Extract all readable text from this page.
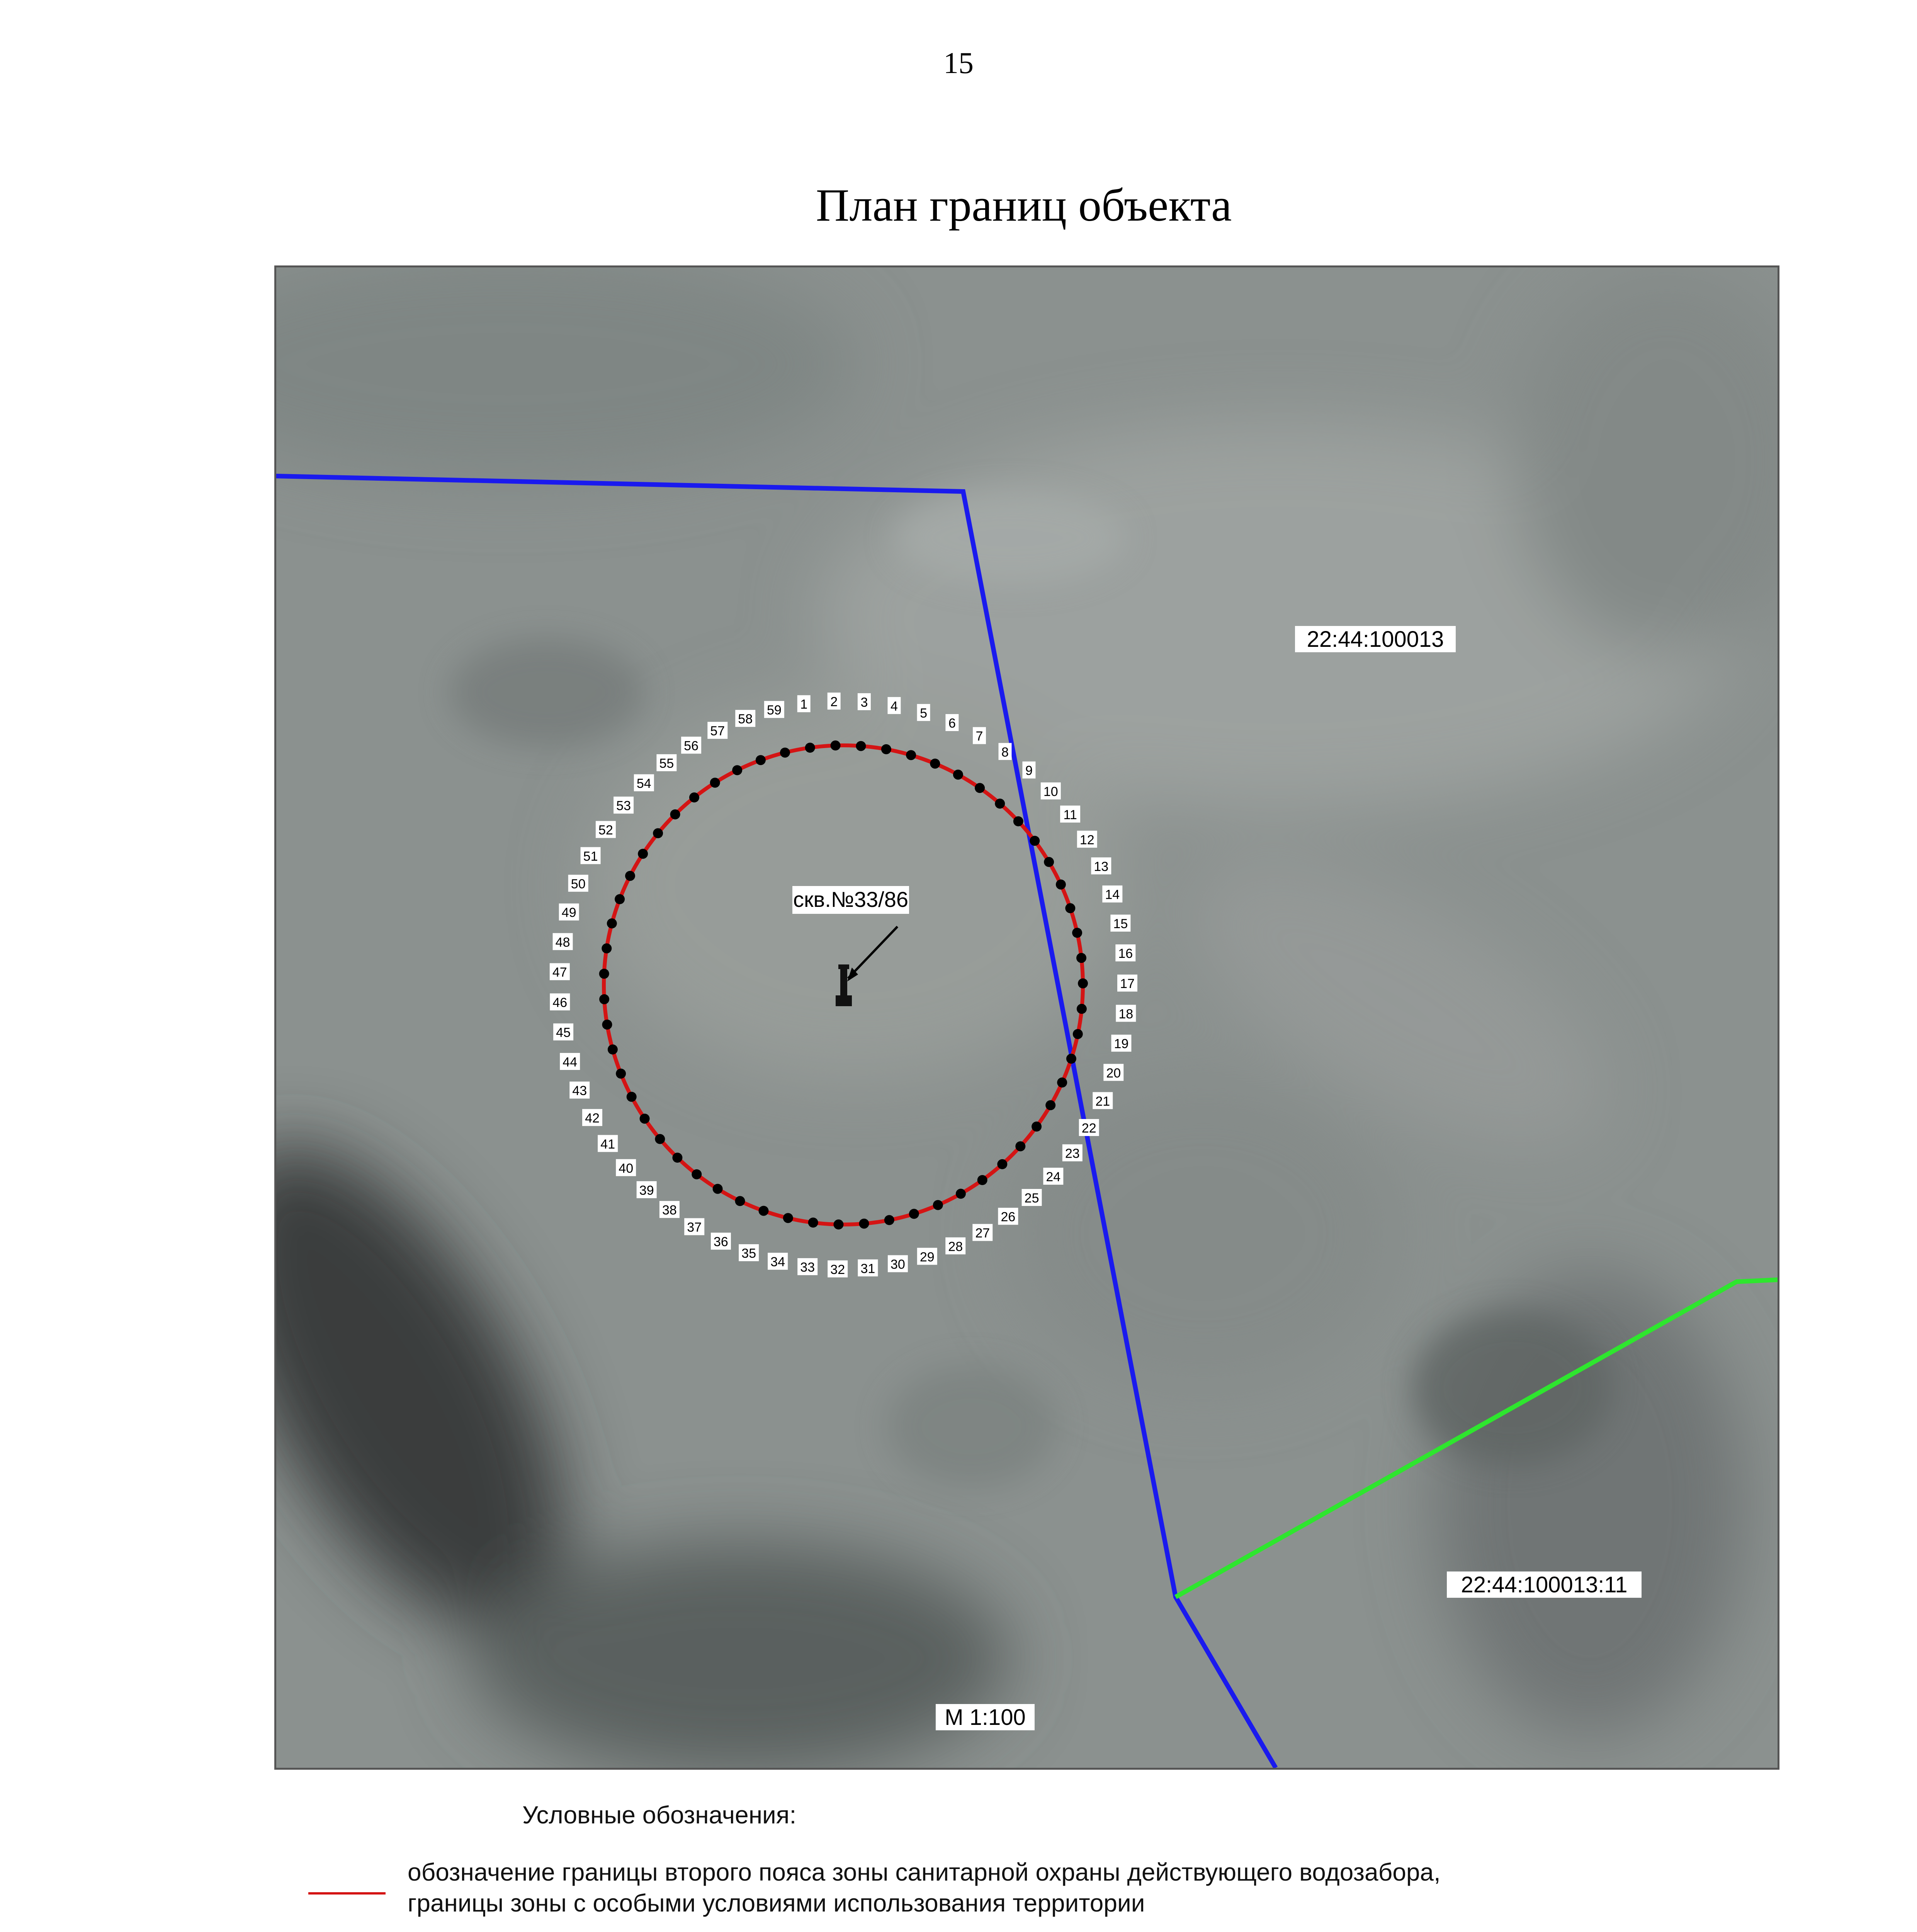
15
План границ объекта
1 2 3 4 5
6
7
8
9
10
11
12
13
14
15
16
17
18
19
20
21
22
23
24
25
26
27
28
29
30
31
32
33
34
35
36
37
38
39
40
41
42
43
44
45
46
47
48
49
50
51
52
53
54
55
56
57
58
59
скв.№33/86
22:44:100013
22:44:100013:11
М 1:100
Условные обозначения:
обозначение границы второго пояса зоны санитарной охраны действующего водозабора,
границы зоны с особыми условиями использования территории
